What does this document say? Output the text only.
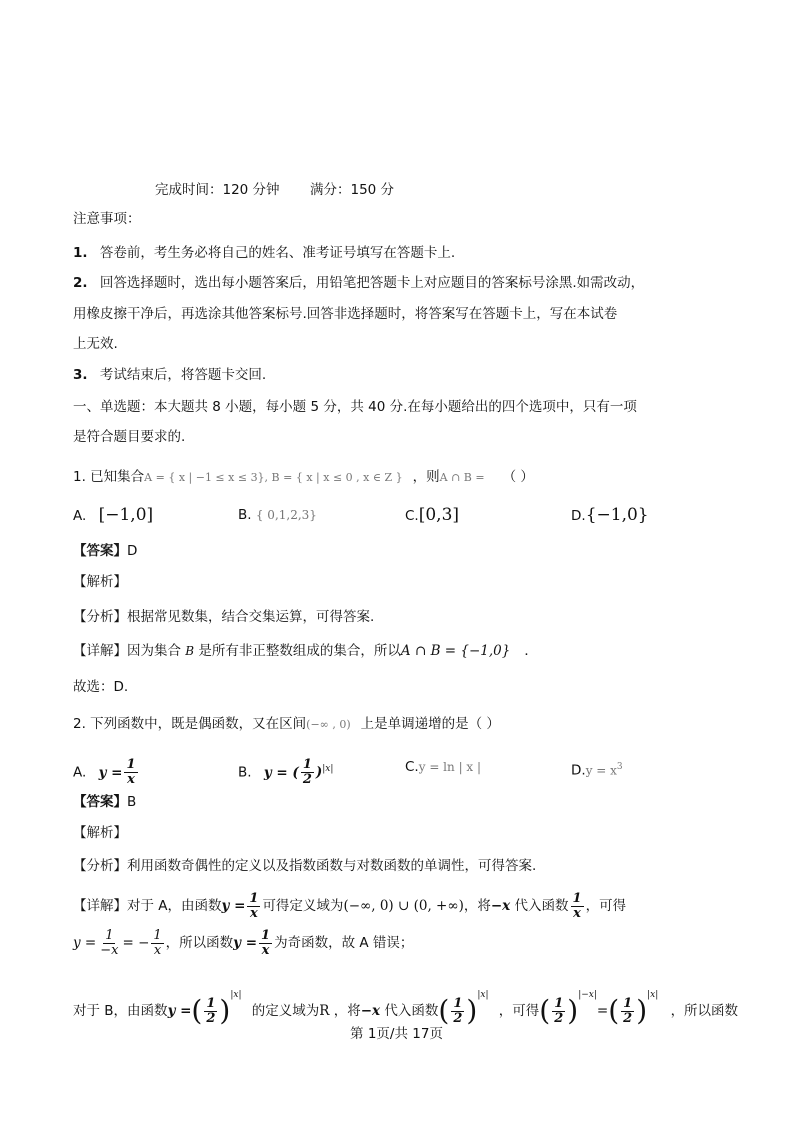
完成时间：120 分钟 满分：150 分
注意事项：
1. 答卷前，考生务必将自己的姓名、准考证号填写在答题卡上.
2. 回答选择题时，选出每小题答案后，用铅笔把答题卡上对应题目的答案标号涂黑.如需改动，
用橡皮擦干净后，再选涂其他答案标号.回答非选择题时，将答案写在答题卡上，写在本试卷
上无效.
3. 考试结束后，将答题卡交回.
一、单选题：本大题共 8 小题，每小题 5 分，共 40 分.在每小题给出的四个选项中，只有一项
是符合题目要求的.
1. 已知集合A = { x | −1 ≤ x ≤ 3}, B = { x | x ≤ 0 , x ∈ Z } ，则A ∩ B = （ ）
A. [−1,0]	B. { 0,1,2,3}	C.[0,3]	D.{−1,0}
【答案】D
【解析】
【分析】根据常见数集，结合交集运算，可得答案.
【详解】因为集合 B 是所有非正整数组成的集合，所以A ∩ B = {−1,0} ．
故选：D.
2. 下列函数中，既是偶函数，又在区间(−∞ , 0) 上是单调递增的是（ ）
A. $y = \frac{1}{x}$	B. y = ( $\frac{1}{2} )^{|x|}$	C.y = ln | x |	$D.y = x^3$
【答案】B
【解析】
【分析】利用函数奇偶性的定义以及指数函数与对数函数的单调性，可得答案.
【详解】对于 A，由函数$y = \frac{1}{x}$ 可得定义域为(−∞, 0) ∪ (0, +∞)，将−x 代入函数 $\frac{1}{x}$ ，可得
$y = \frac{1}{-x}$ = − $\frac{1}{x}$ ，所以函数$y = \frac{1}{x}$ 为奇函数，故 A 错误；
对于 B，由函数y =( $\frac{1}{2} )^{|x|}$ 的定义域为R ，将−x 代入函数( $\frac{1}{2} )^{|x|}$ ，可得( $\frac{1}{2} )^{|-x|}=( \frac{1}{2} )^{|x|}$ ，所以函数
第 1页/共 17页
